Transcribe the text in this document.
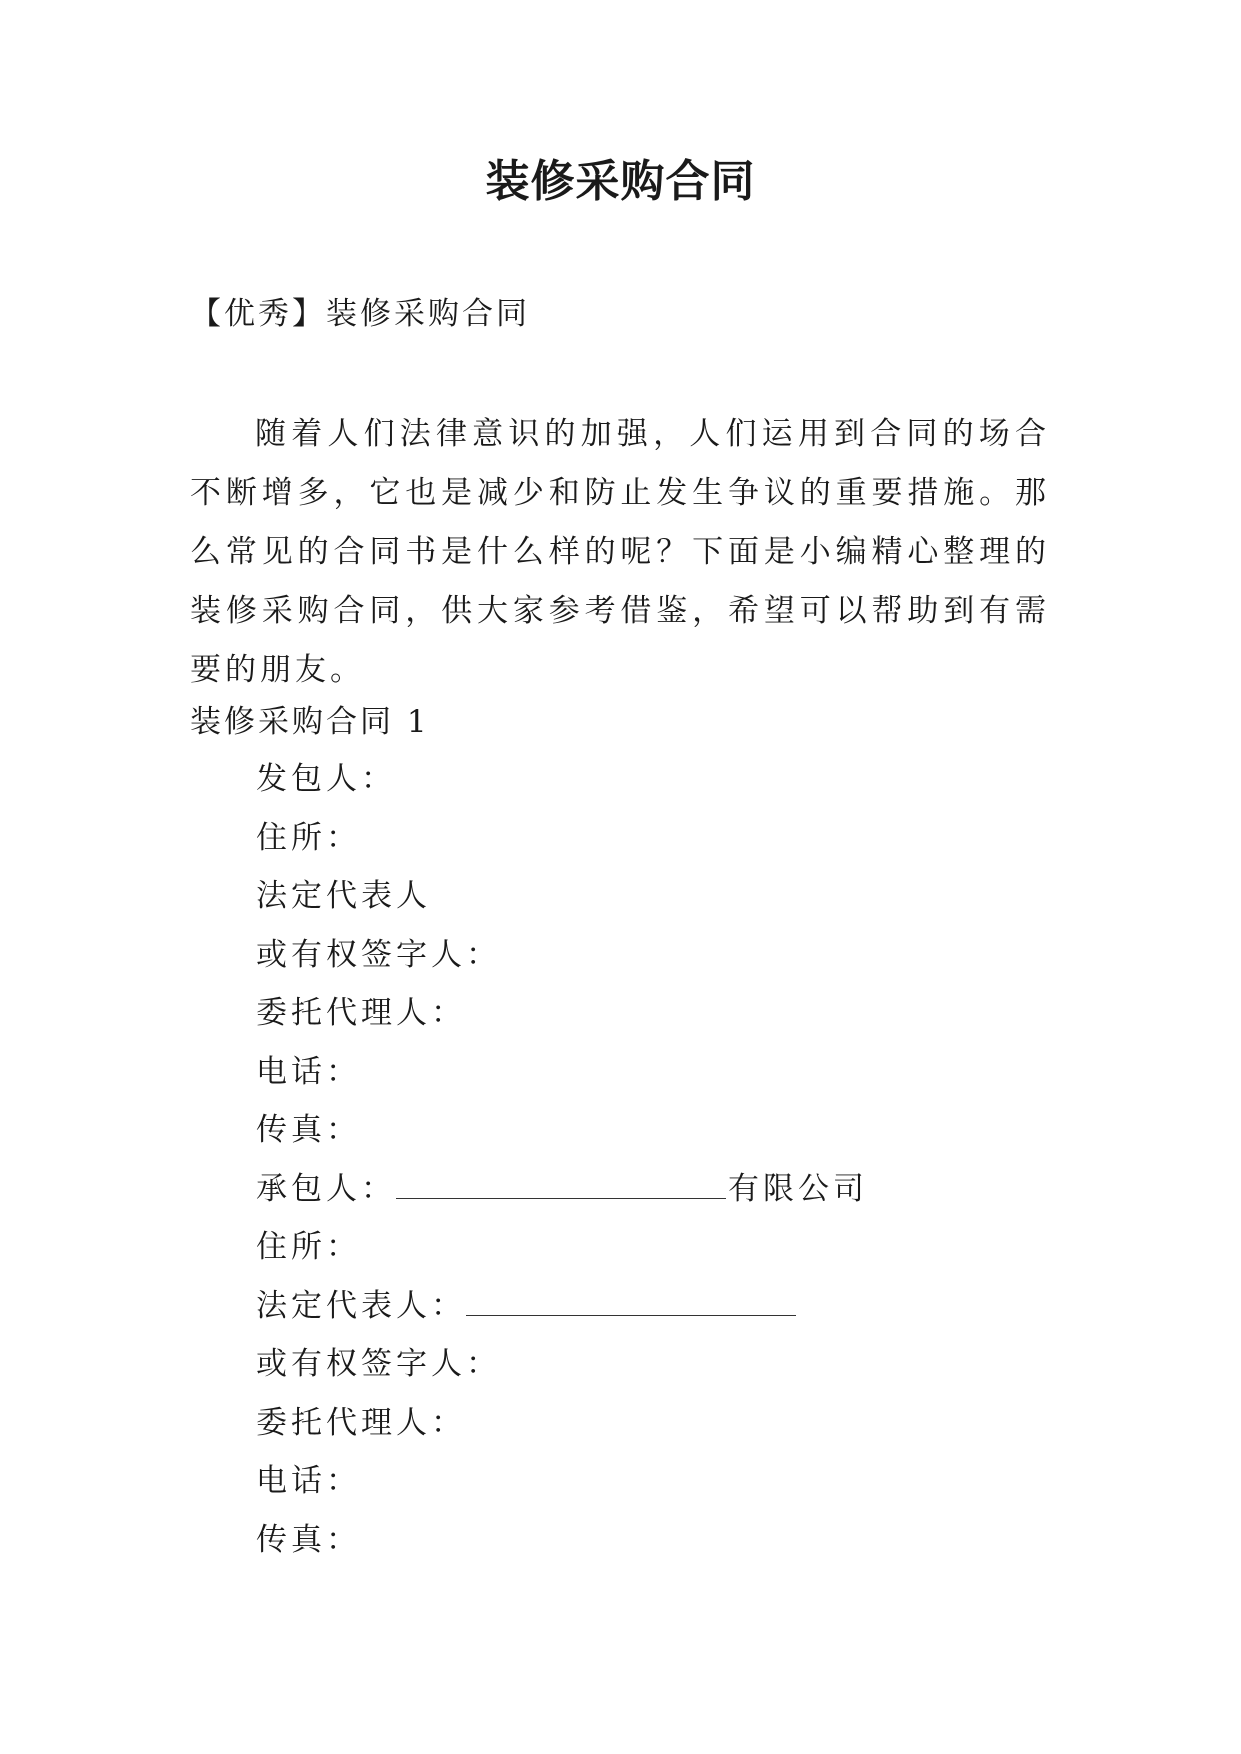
装修采购合同
【优秀】装修采购合同

随着人们法律意识的加强，人们运用到合同的场合不断增多，它也是减少和防止发生争议的重要措施。那么常见的合同书是什么样的呢？下面是小编精心整理的装修采购合同，供大家参考借鉴，希望可以帮助到有需要的朋友。

装修采购合同 1
发包人：
住所：
法定代表人
或有权签字人：
委托代理人：
电话：
传真：
承包人：	有限公司
住所：
法定代表人：
或有权签字人：
委托代理人：
电话：
传真：
